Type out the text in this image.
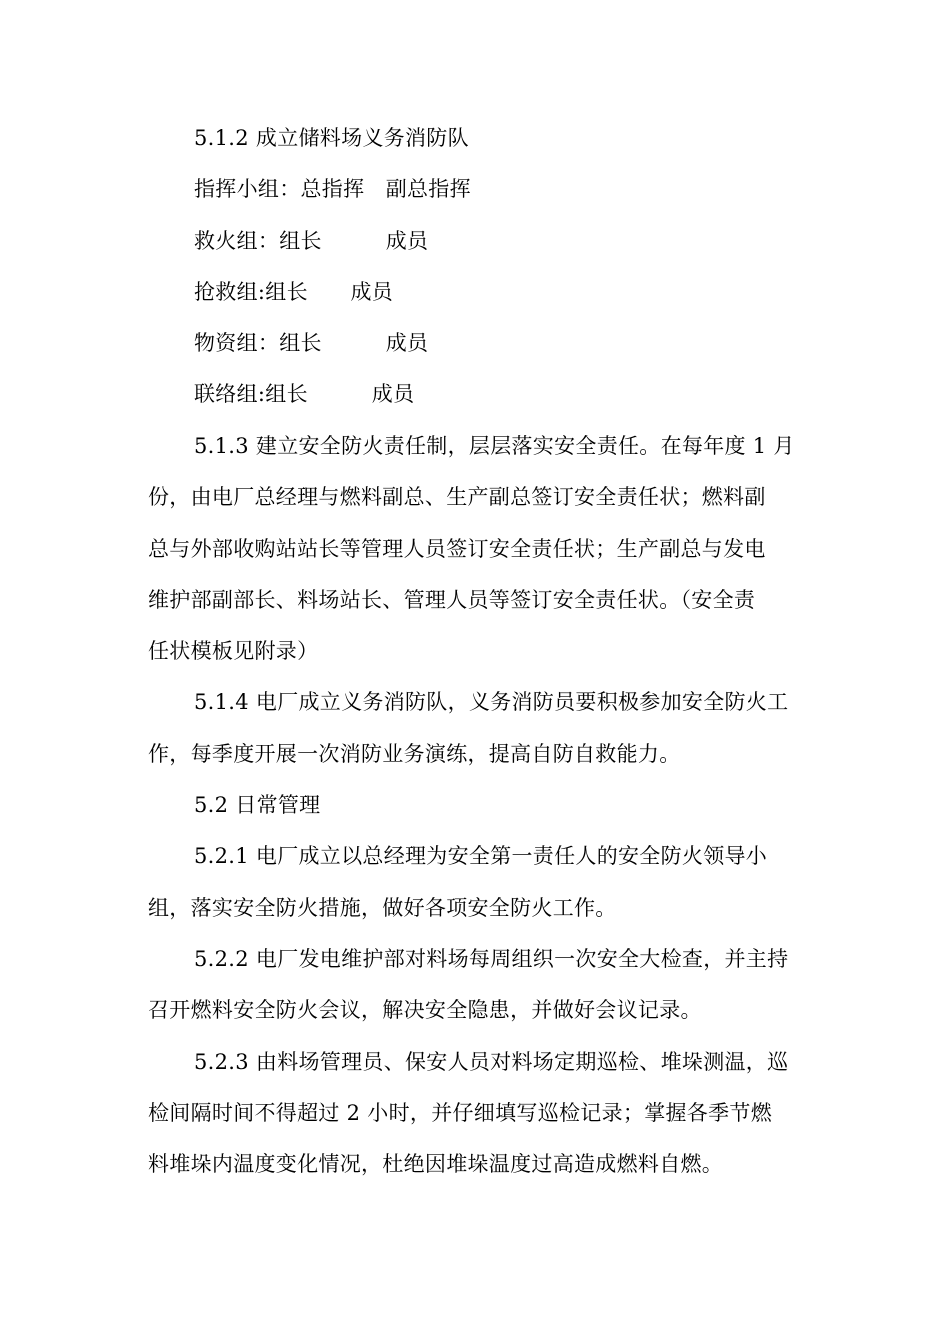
5.1.2 成立储料场义务消防队
指挥小组：总指挥　副总指挥
救火组：组长　　　成员
抢救组:组长　　成员
物资组：组长　　　成员
联络组:组长　　　成员
5.1.3 建立安全防火责任制，层层落实安全责任。在每年度 1 月
份，由电厂总经理与燃料副总、生产副总签订安全责任状；燃料副
总与外部收购站站长等管理人员签订安全责任状；生产副总与发电
维护部副部长、料场站长、管理人员等签订安全责任状。（安全责
任状模板见附录）
5.1.4 电厂成立义务消防队，义务消防员要积极参加安全防火工
作，每季度开展一次消防业务演练，提高自防自救能力。
5.2 日常管理
5.2.1 电厂成立以总经理为安全第一责任人的安全防火领导小
组，落实安全防火措施，做好各项安全防火工作。
5.2.2 电厂发电维护部对料场每周组织一次安全大检查，并主持
召开燃料安全防火会议，解决安全隐患，并做好会议记录。
5.2.3 由料场管理员、保安人员对料场定期巡检、堆垛测温，巡
检间隔时间不得超过 2 小时，并仔细填写巡检记录；掌握各季节燃
料堆垛内温度变化情况，杜绝因堆垛温度过高造成燃料自燃。
